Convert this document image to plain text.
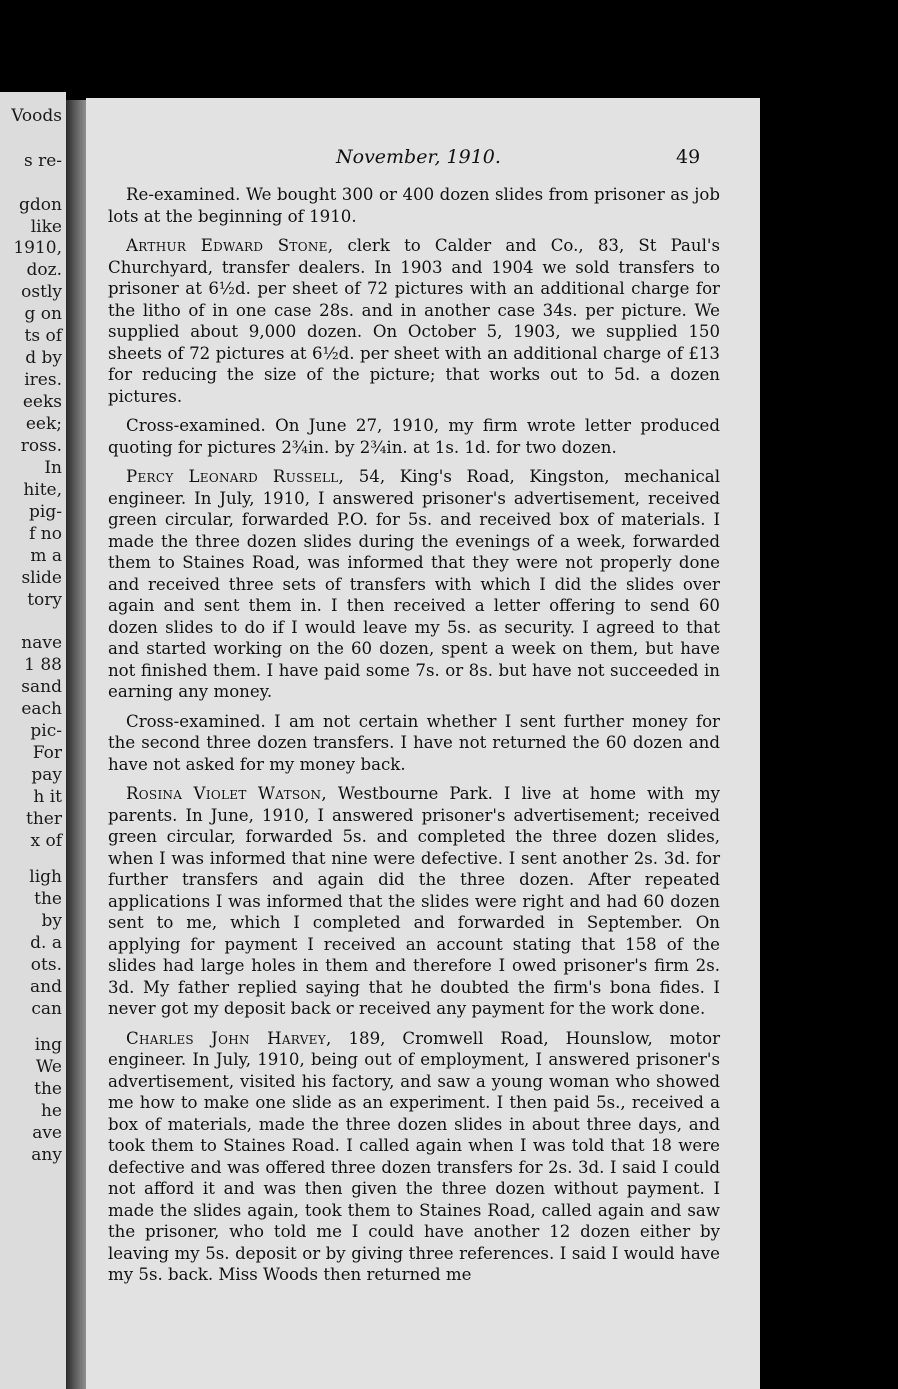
Voods
s re-
gdon
like
1910,
doz.
ostly
g on
ts of
d by
ires.
eeks
eek;
ross.
In
hite,
pig-
f no
m a
slide
tory
nave
1 88
sand
each
pic-
For
pay
h it
ther
x of
ligh
the
by
d. a
ots.
and
can
ing
We
the
he
ave
any
November, 1910.	49

Re-examined. We bought 300 or 400 dozen slides from prisoner as job lots at the beginning of 1910.

Arthur Edward Stone, clerk to Calder and Co., 83, St Paul's Churchyard, transfer dealers. In 1903 and 1904 we sold transfers to prisoner at 6½d. per sheet of 72 pictures with an additional charge for the litho of in one case 28s. and in another case 34s. per picture. We supplied about 9,000 dozen. On October 5, 1903, we supplied 150 sheets of 72 pictures at 6½d. per sheet with an additional charge of £13 for reducing the size of the picture; that works out to 5d. a dozen pictures.

Cross-examined. On June 27, 1910, my firm wrote letter produced quoting for pictures 2¾in. by 2¾in. at 1s. 1d. for two dozen.

Percy Leonard Russell, 54, King's Road, Kingston, mechanical engineer. In July, 1910, I answered prisoner's advertisement, received green circular, forwarded P.O. for 5s. and received box of materials. I made the three dozen slides during the evenings of a week, forwarded them to Staines Road, was informed that they were not properly done and received three sets of transfers with which I did the slides over again and sent them in. I then received a letter offering to send 60 dozen slides to do if I would leave my 5s. as security. I agreed to that and started working on the 60 dozen, spent a week on them, but have not finished them. I have paid some 7s. or 8s. but have not succeeded in earning any money.

Cross-examined. I am not certain whether I sent further money for the second three dozen transfers. I have not returned the 60 dozen and have not asked for my money back.

Rosina Violet Watson, Westbourne Park. I live at home with my parents. In June, 1910, I answered prisoner's advertisement; received green circular, forwarded 5s. and completed the three dozen slides, when I was informed that nine were defective. I sent another 2s. 3d. for further transfers and again did the three dozen. After repeated applications I was informed that the slides were right and had 60 dozen sent to me, which I completed and forwarded in September. On applying for payment I received an account stating that 158 of the slides had large holes in them and therefore I owed prisoner's firm 2s. 3d. My father replied saying that he doubted the firm's bona fides. I never got my deposit back or received any payment for the work done.

Charles John Harvey, 189, Cromwell Road, Hounslow, motor engineer. In July, 1910, being out of employment, I answered prisoner's advertisement, visited his factory, and saw a young woman who showed me how to make one slide as an experiment. I then paid 5s., received a box of materials, made the three dozen slides in about three days, and took them to Staines Road. I called again when I was told that 18 were defective and was offered three dozen transfers for 2s. 3d. I said I could not afford it and was then given the three dozen without payment. I made the slides again, took them to Staines Road, called again and saw the prisoner, who told me I could have another 12 dozen either by leaving my 5s. deposit or by giving three references. I said I would have my 5s. back. Miss Woods then returned me
